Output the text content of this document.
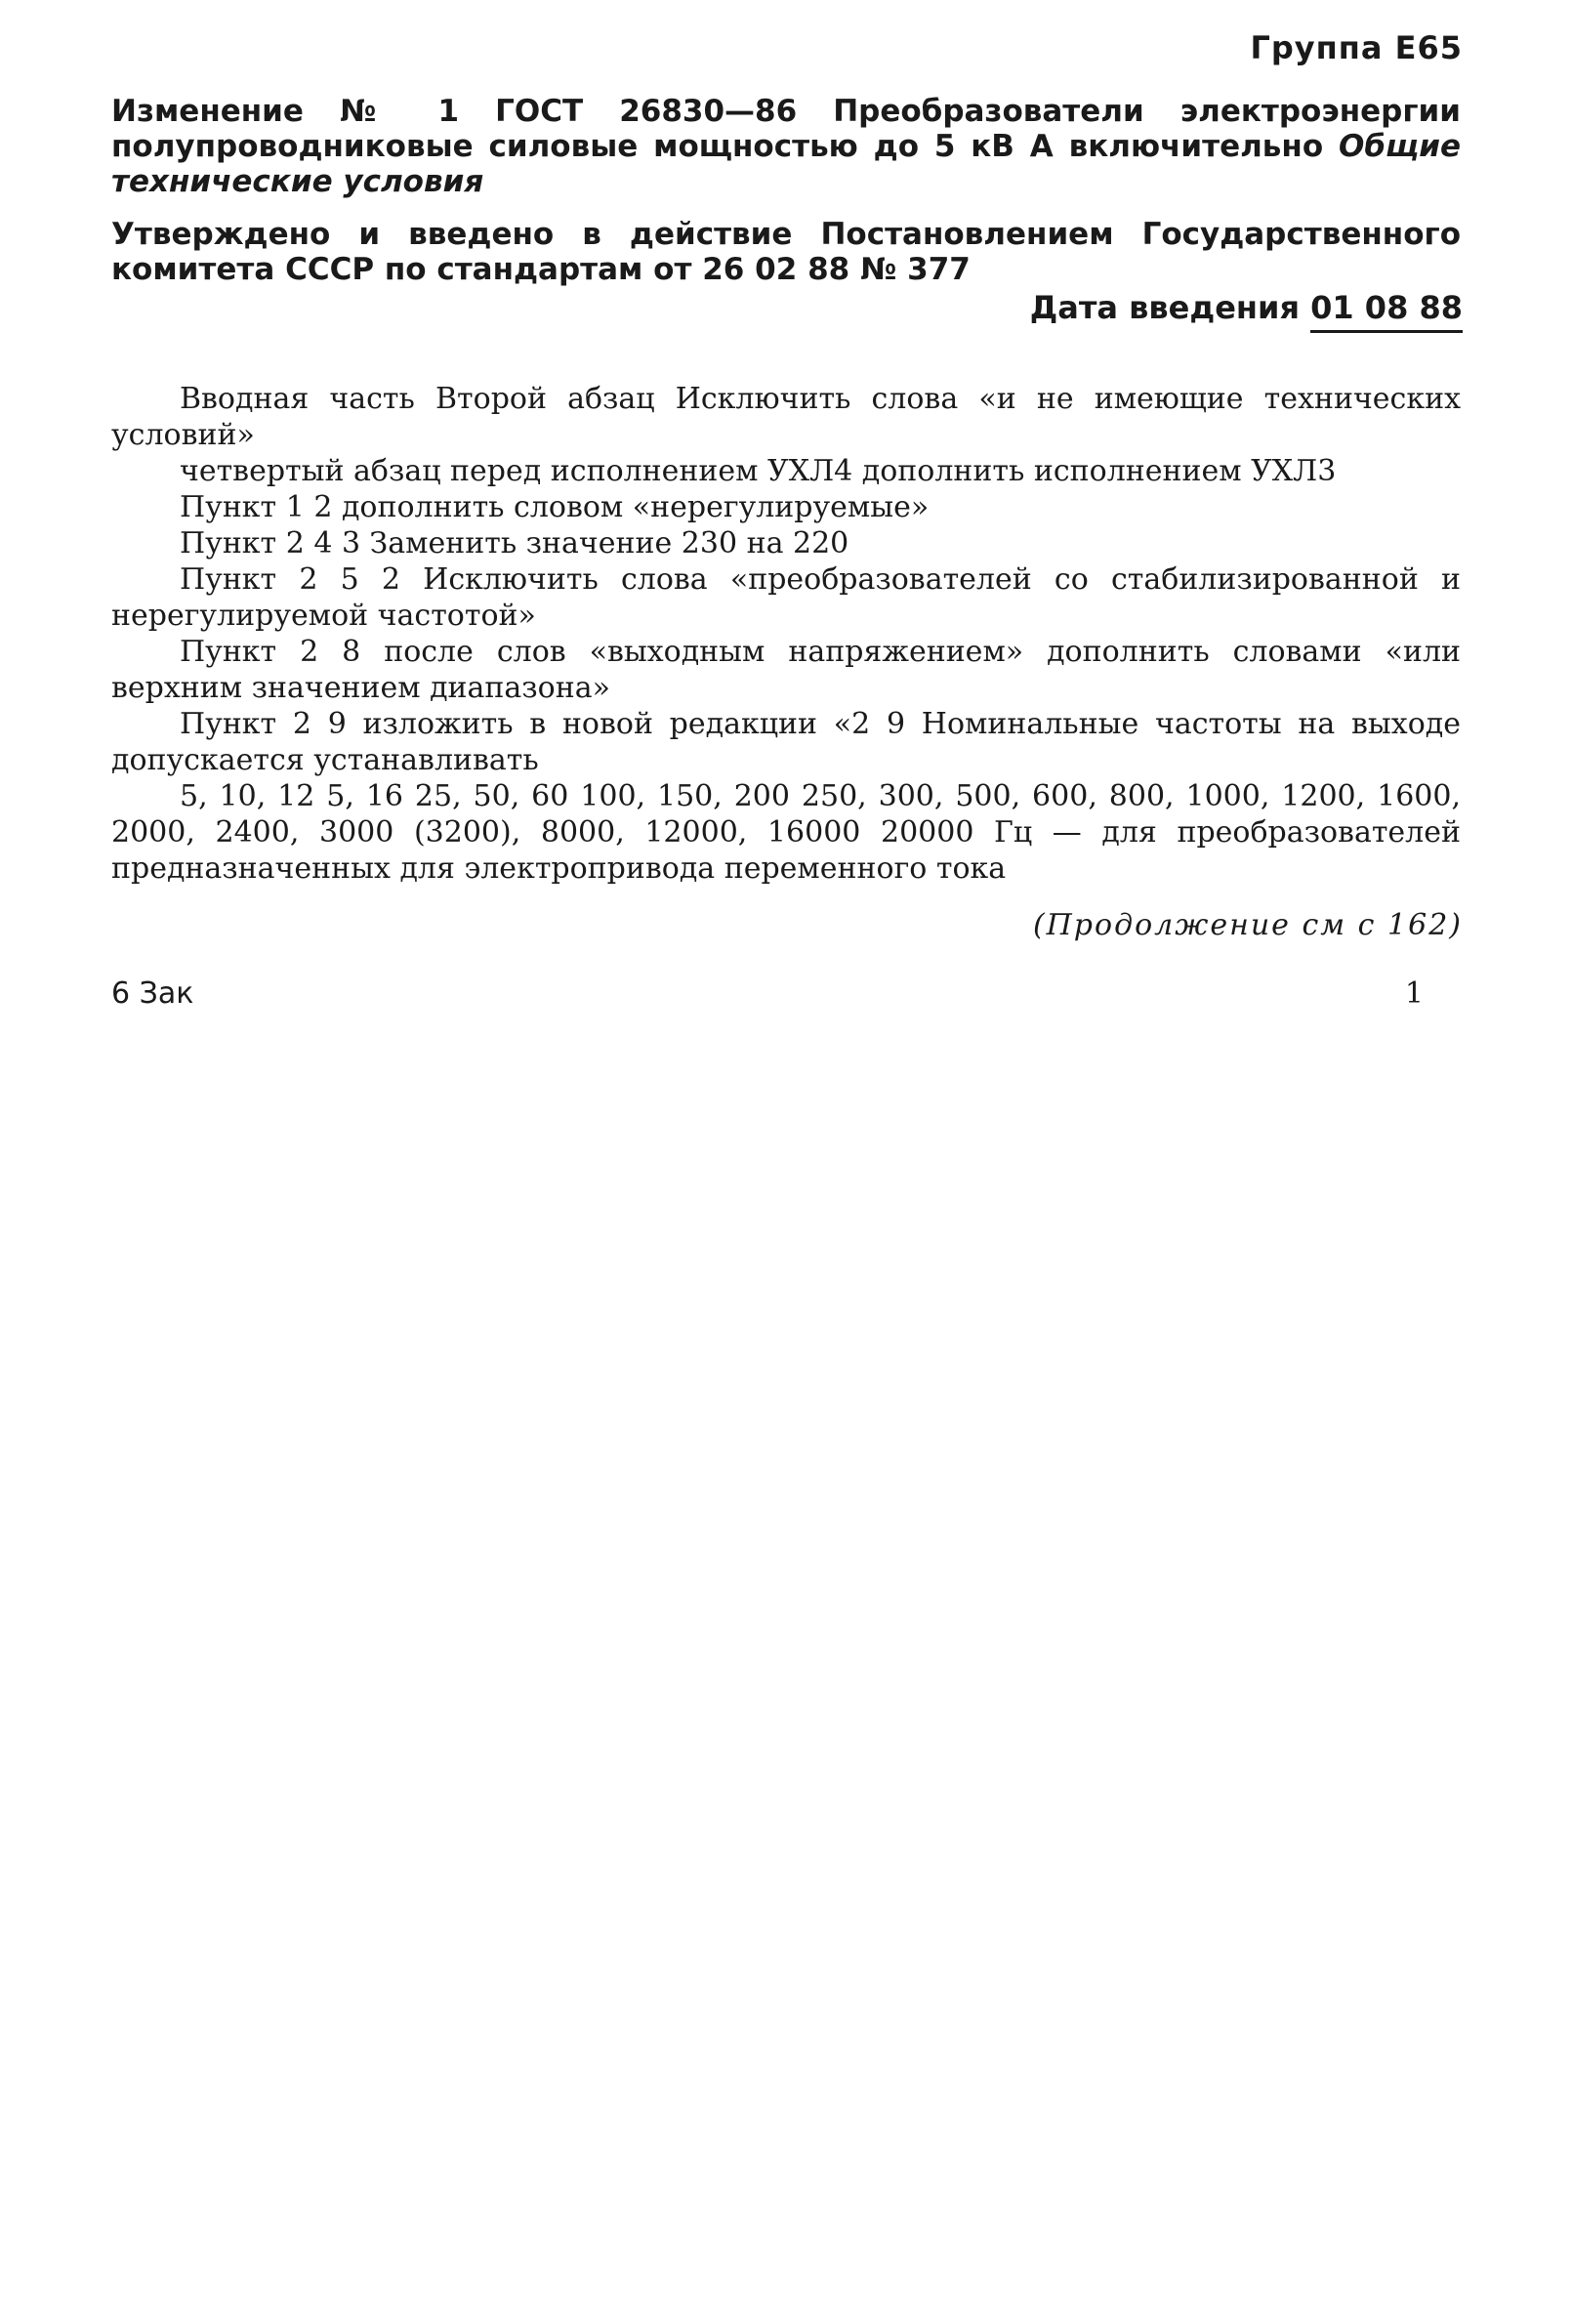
Группа Е65
Изменение № 1 ГОСТ 26830—86 Преобразователи электроэнергии полупроводниковые силовые мощностью до 5 кВ А включительно Общие технические условия
Утверждено и введено в действие Постановлением Государственного комитета СССР по стандартам от 26 02 88 № 377
Дата введения 01 08 88

Вводная часть Второй абзац Исключить слова «и не имеющие технических условий»

четвертый абзац перед исполнением УХЛ4 дополнить исполнением УХЛ3

Пункт 1 2 дополнить словом «нерегулируемые»

Пункт 2 4 3 Заменить значение 230 на 220

Пункт 2 5 2 Исключить слова «преобразователей со стабилизированной и нерегулируемой частотой»

Пункт 2 8 после слов «выходным напряжением» дополнить словами «или верхним значением диапазона»

Пункт 2 9 изложить в новой редакции «2 9 Номинальные частоты на выходе допускается устанавливать

5, 10, 12 5, 16 25, 50, 60 100, 150, 200 250, 300, 500, 600, 800, 1000, 1200, 1600, 2000, 2400, 3000 (3200), 8000, 12000, 16000 20000 Гц — для преобразователей предназначенных для электропривода переменного тока

(Продолжение см с 162)
6 Зак	1
